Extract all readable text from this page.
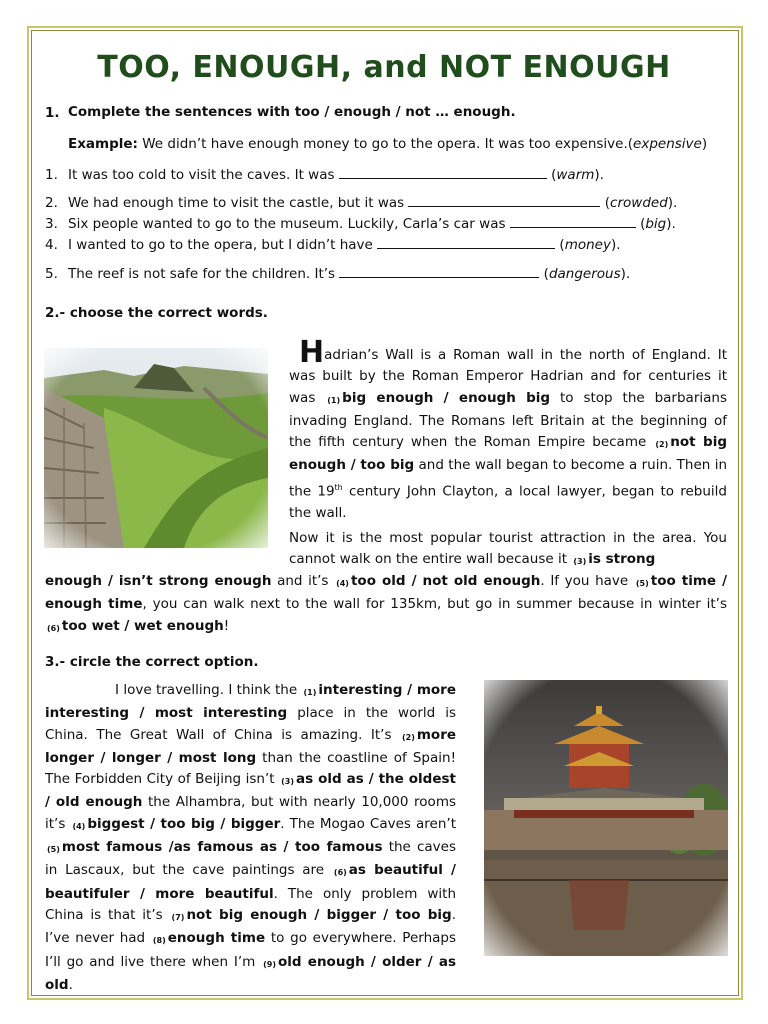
TOO, ENOUGH, and NOT ENOUGH
1. Complete the sentences with too / enough / not … enough.
Example: We didn’t have enough money to go to the opera. It was too expensive.(expensive)
1. It was too cold to visit the caves. It was	(warm).
2. We had enough time to visit the castle, but it was	(crowded).
3. Six people wanted to go to the museum. Luckily, Carla’s car was	(big).
4. I wanted to go to the opera, but I didn’t have	(money).
5. The reef is not safe for the children. It’s	(dangerous).
2.- choose the correct words.
Hadrian’s Wall is a Roman wall in the north of England. It was built by the Roman Emperor Hadrian and for centuries it was (1) big enough / enough big to stop the barbarians invading England. The Romans left Britain at the beginning of the fifth century when the Roman Empire became (2) not big enough / too big and the wall began to become a ruin. Then in the 19th century John Clayton, a local lawyer, began to rebuild the wall.
Now it is the most popular tourist attraction in the area. You cannot walk on the entire wall because it (3) is strong
enough / isn’t strong enough and it’s (4) too old / not old enough. If you have (5) too time / enough time, you can walk next to the wall for 135km, but go in summer because in winter it’s (6) too wet / wet enough!
3.- circle the correct option.
I love travelling. I think the (1) interesting / more interesting / most interesting place in the world is China. The Great Wall of China is amazing. It’s (2) more longer / longer / most long than the coastline of Spain! The Forbidden City of Beijing isn’t (3) as old as / the oldest / old enough the Alhambra, but with nearly 10,000 rooms it’s (4) biggest / too big / bigger. The Mogao Caves aren’t (5) most famous /as famous as / too famous the caves in Lascaux, but the cave paintings are (6) as beautiful / beautifuler / more beautiful. The only problem with China is that it’s (7) not big enough / bigger / too big. I’ve never had (8) enough time to go everywhere. Perhaps I’ll go and live there when I’m (9) old enough / older / as old.
